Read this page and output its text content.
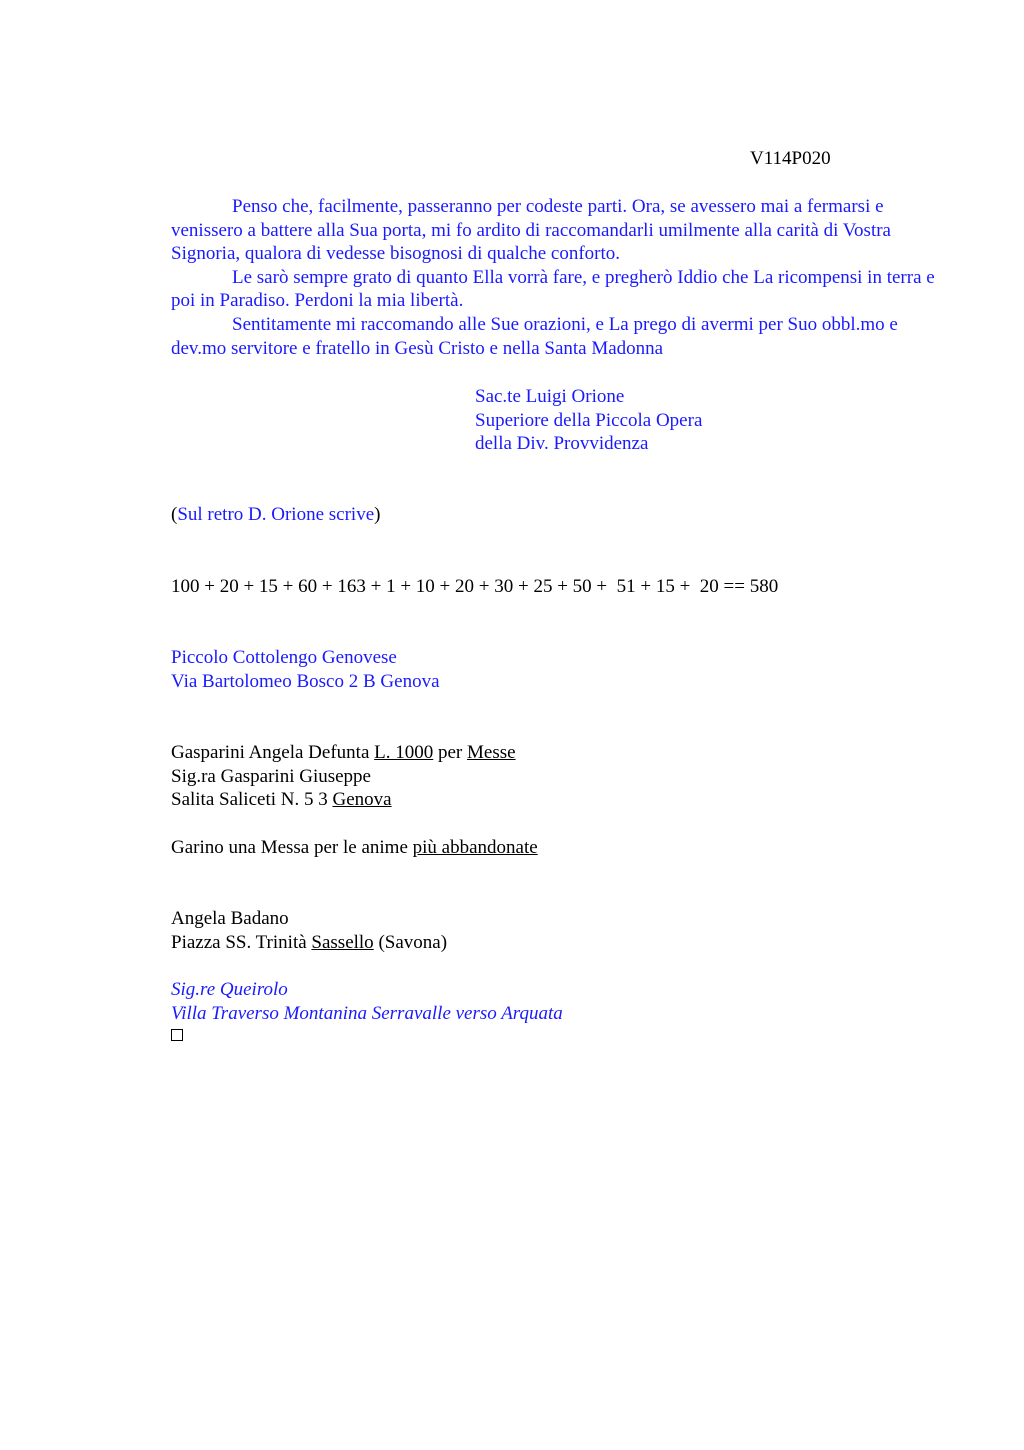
V114P020

Penso che, facilmente, passeranno per codeste parti. Ora, se avessero mai a fermarsi e venissero a battere alla Sua porta, mi fo ardito di raccomandarli umilmente alla carità di Vostra Signoria, qualora di vedesse bisognosi di qualche conforto.

Le sarò sempre grato di quanto Ella vorrà fare, e pregherò Iddio che La ricompensi in terra e poi in Paradiso. Perdoni la mia libertà.

Sentitamente mi raccomando alle Sue orazioni, e La prego di avermi per Suo obbl.mo e dev.mo servitore e fratello in Gesù Cristo e nella Santa Madonna

Sac.te Luigi Orione
Superiore della Piccola Opera
della Div. Provvidenza
(Sul retro D. Orione scrive)
100 + 20 + 15 + 60 + 163 + 1 + 10 + 20 + 30 + 25 + 50 +  51 + 15 +  20 == 580
Piccolo Cottolengo Genovese
Via Bartolomeo Bosco 2 B Genova
Gasparini Angela Defunta L. 1000 per Messe
Sig.ra Gasparini Giuseppe
Salita Saliceti N. 5 3 Genova
Garino una Messa per le anime più abbandonate
Angela Badano
Piazza SS. Trinità Sassello (Savona)
Sig.re Queirolo
Villa Traverso Montanina Serravalle verso Arquata
